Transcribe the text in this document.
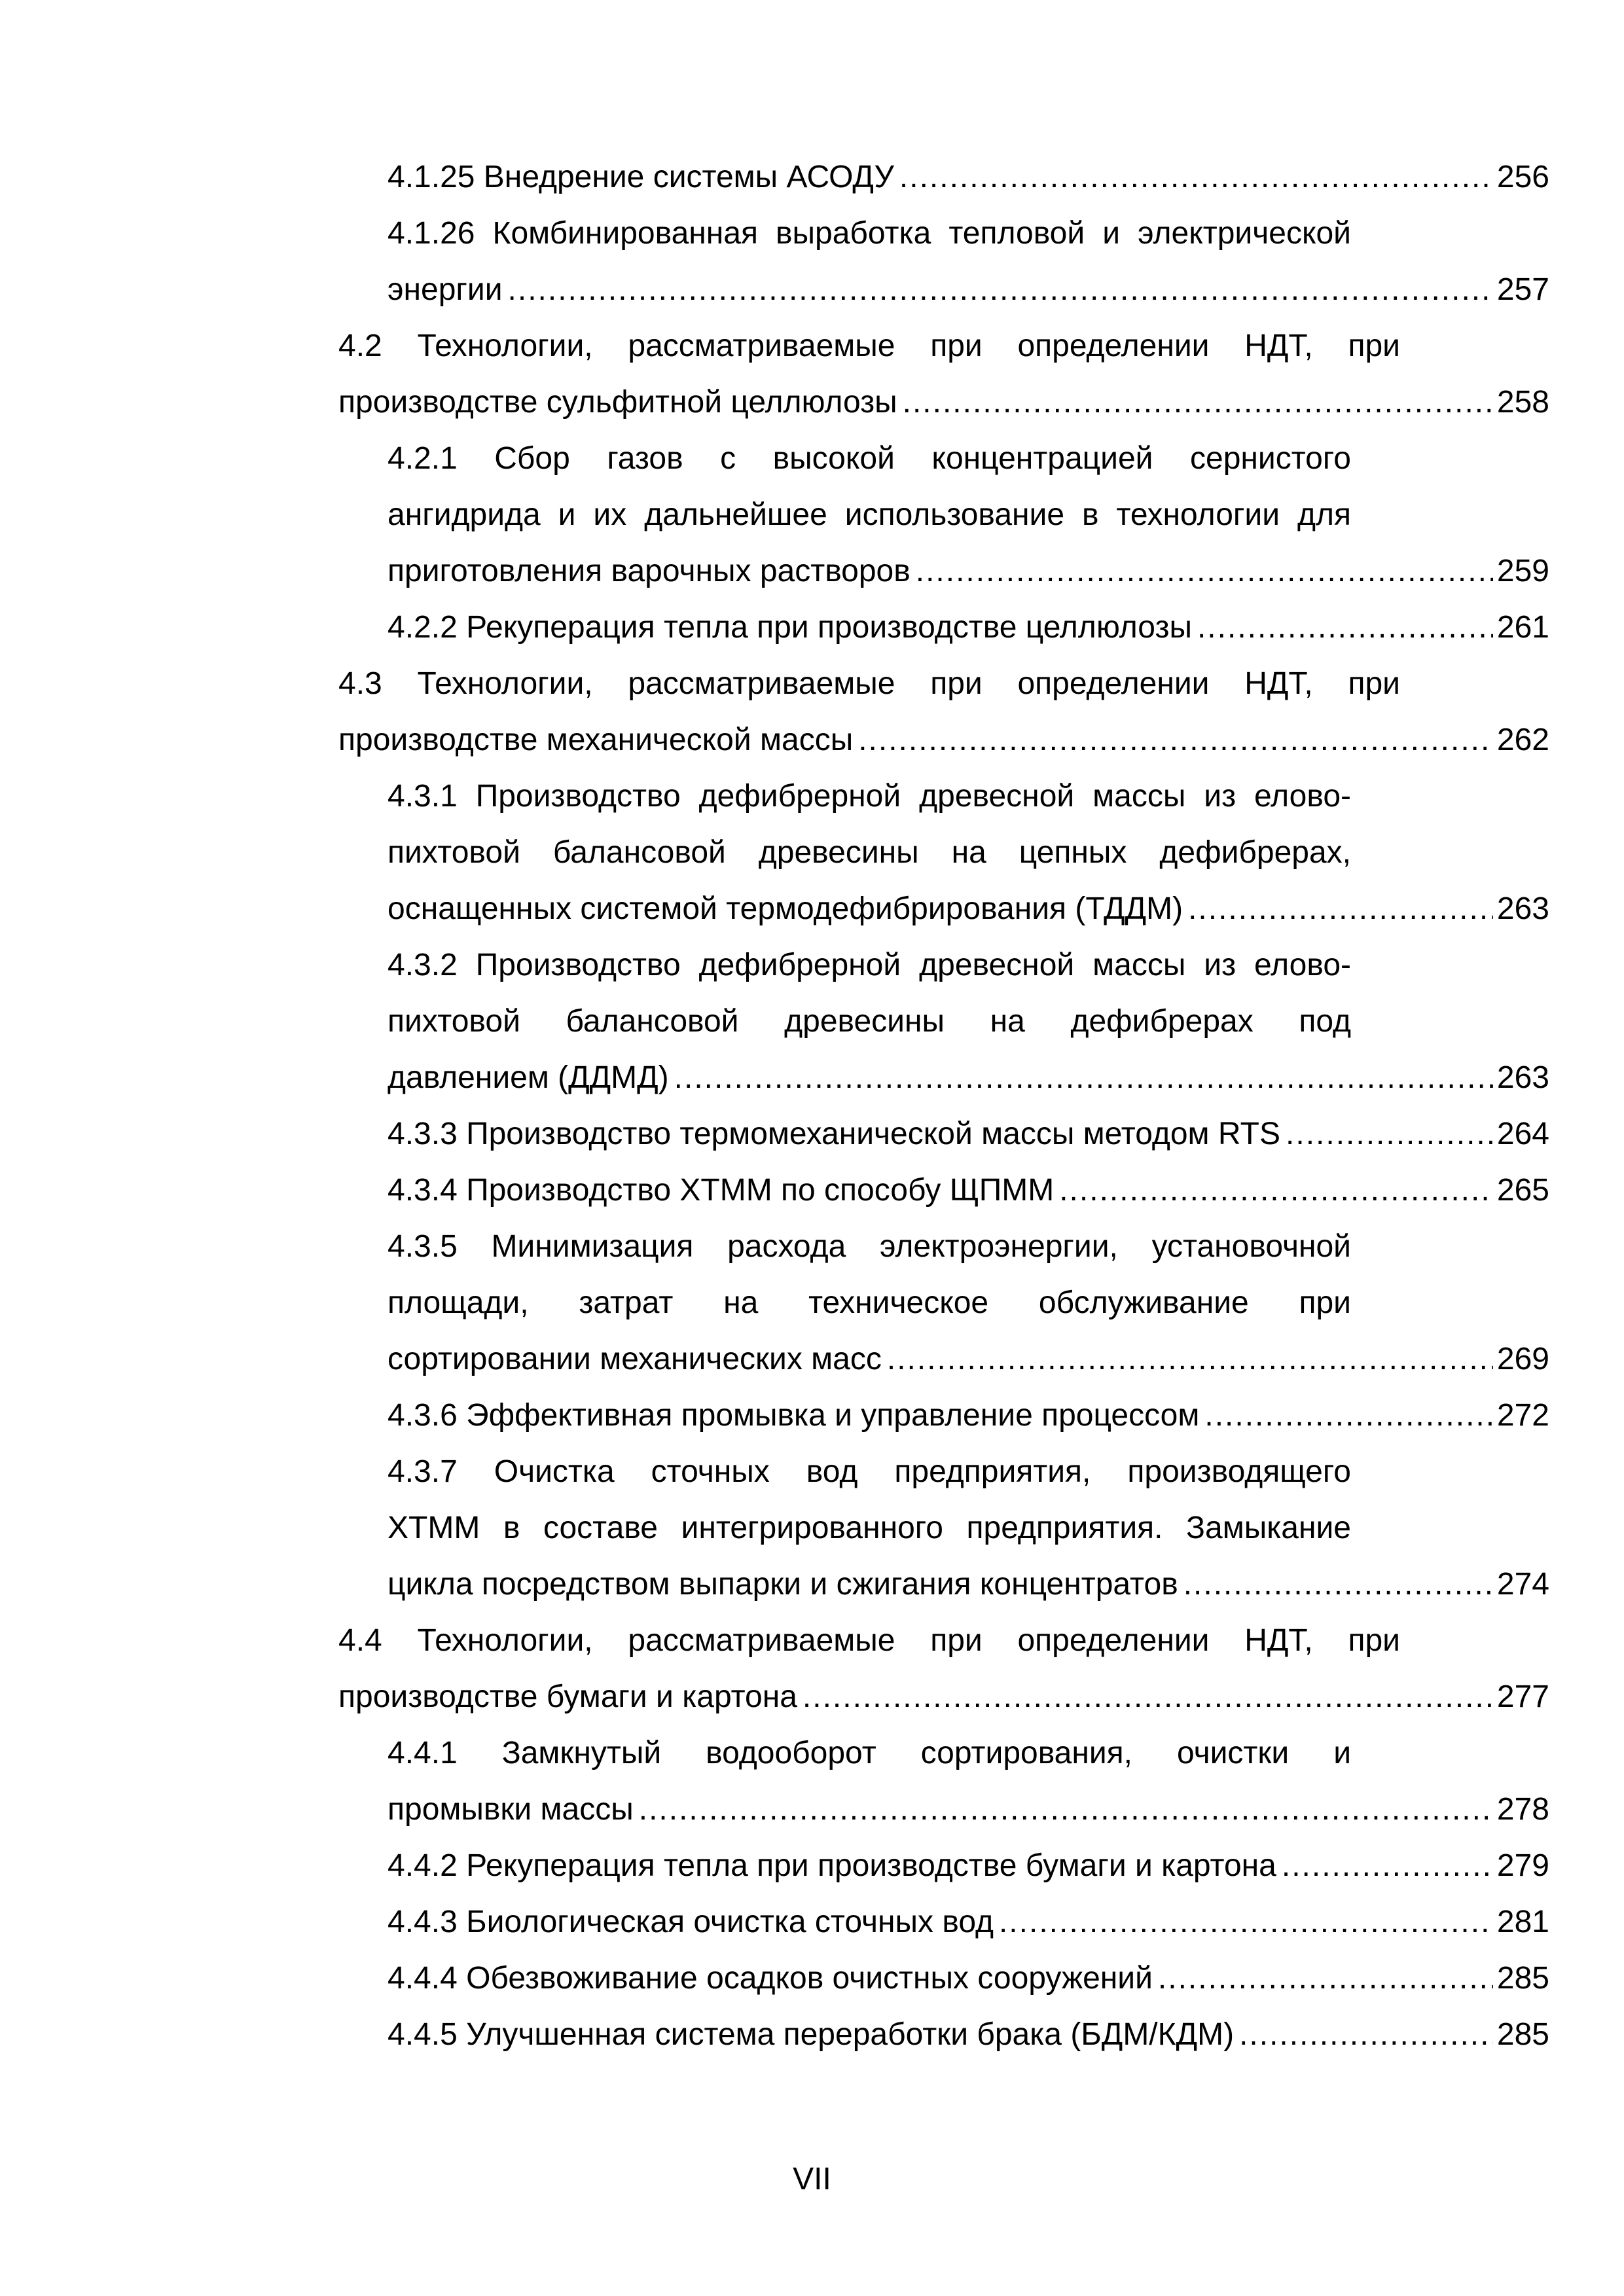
4.1.25 Внедрение системы АСОДУ .....	256
4.1.26 Комбинированная выработка тепловой и электрической
энергии .....	257
4.2 Технологии, рассматриваемые при определении НДТ, при
производстве сульфитной целлюлозы .....	258
4.2.1 Сбор газов с высокой концентрацией сернистого
ангидрида и их дальнейшее использование в технологии для
приготовления варочных растворов .....	259
4.2.2 Рекуперация тепла при производстве целлюлозы .....	261
4.3 Технологии, рассматриваемые при определении НДТ, при
производстве механической массы .....	262
4.3.1 Производство дефибрерной древесной массы из елово-
пихтовой балансовой древесины на цепных дефибрерах,
оснащенных системой термодефибрирования (ТДДМ) .....	263
4.3.2 Производство дефибрерной древесной массы из елово-
пихтовой балансовой древесины на дефибрерах под
давлением (ДДМД) .....	263
4.3.3 Производство термомеханической массы методом RTS .....	264
4.3.4 Производство ХТММ по способу ЩПММ .....	265
4.3.5 Минимизация расхода электроэнергии, установочной
площади, затрат на техническое обслуживание при
сортировании механических масс .....	269
4.3.6 Эффективная промывка и управление процессом .....	272
4.3.7 Очистка сточных вод предприятия, производящего
ХТММ в составе интегрированного предприятия. Замыкание
цикла посредством выпарки и сжигания концентратов .....	274
4.4 Технологии, рассматриваемые при определении НДТ, при
производстве бумаги и картона .....	277
4.4.1 Замкнутый водооборот сортирования, очистки и
промывки массы .....	278
4.4.2 Рекуперация тепла при производстве бумаги и картона .....	279
4.4.3 Биологическая очистка сточных вод .....	281
4.4.4 Обезвоживание осадков очистных сооружений .....	285
4.4.5 Улучшенная система переработки брака (БДМ/КДМ) .....	285
VII
